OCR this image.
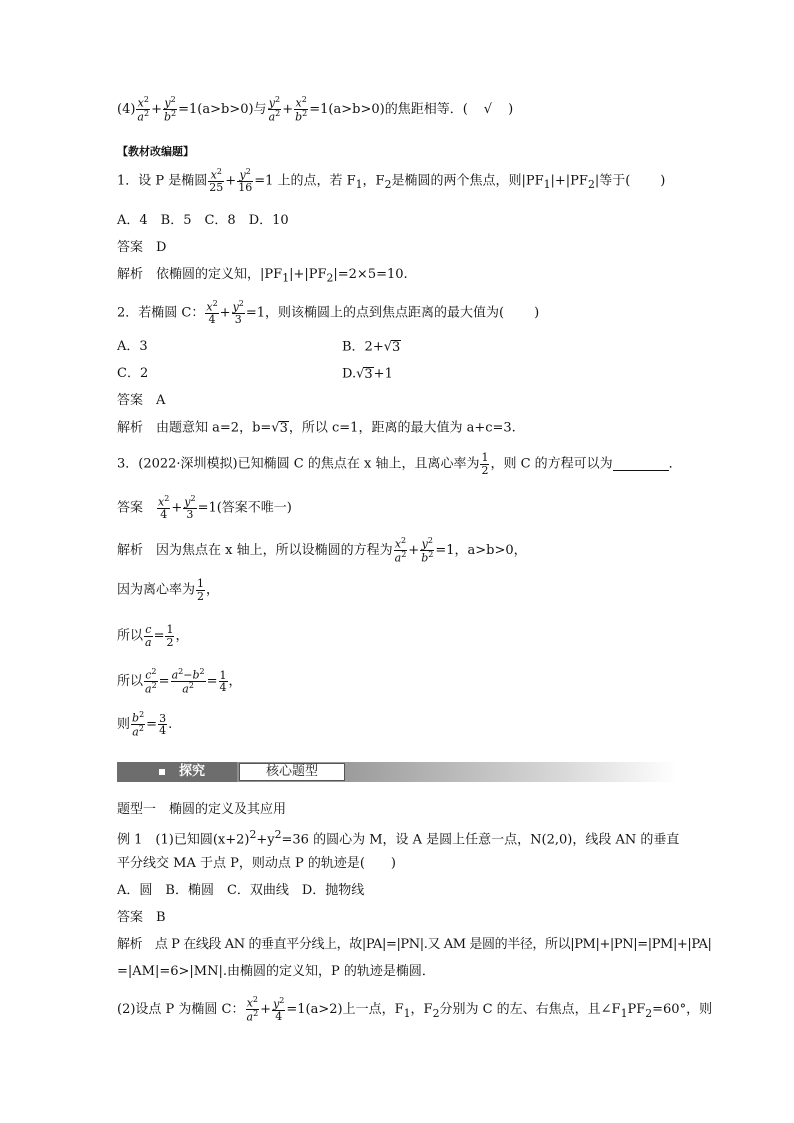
$(4) \frac{x^2}{a^2} + \frac{y^2}{b^2} =1(a>b>0)$与 $\frac{y^2}{a^2} + \frac{x^2}{b^2} =1(a>b>0)$的焦距相等．( √ )
【教材改编题】
1．设 P 是椭圆 $\frac{x^2}{25} + \frac{y^2}{16} =1$ 上的点，若 $F_1$，$F_2$是椭圆的两个焦点，则$|PF_1|+|PF_2|$等于( )
A．4　B．5　C．8　D．10
答案　 D
解析　 依椭圆的定义知，$|PF_1|+|PF_2|=2\times 5=10$.
2．若椭圆 C： $\frac{x^2}{4} + \frac{y^2}{3} =1$，则该椭圆上的点到焦点距离的最大值为( )
A．3	B．2+√3
C．2	D.√3+1
答案　 A
解析　 由题意知 a=2，b=√3，所以 c=1，距离的最大值为 a+c=3.
3．(2022·深圳模拟)已知椭圆 C 的焦点在 x 轴上，且离心率为 $\frac{1}{2}$ ，则 C 的方程可以为	．
答案　 $\frac{x^2}{4} + \frac{y^2}{3} =1$(答案不唯一)
解析　 因为焦点在 x 轴上，所以设椭圆的方程为 $\frac{x^2}{a^2} + \frac{y^2}{b^2} =1$，a>b>0，
因为离心率为 $\frac{1}{2}$ ，
所以 $\frac{c}{a} = \frac{1}{2}$ ，
所以 $\frac{c^2}{a^2} = \frac{a^2-b^2}{a^2} = \frac{1}{4}$ ，
则 $\frac{b^2}{a^2} = \frac{3}{4}$ .
探究	核心题型
题型一　椭圆的定义及其应用
例 1　(1)已知圆$(x+2)^2+y^2=36$ 的圆心为 M，设 A 是圆上任意一点，N(2,0)，线段 AN 的垂直
平分线交 MA 于点 P，则动点 P 的轨迹是(　　)
A．圆　B．椭圆　C．双曲线　D．抛物线
答案　 B
解析　 点 P 在线段 AN 的垂直平分线上，故|PA|=|PN|.又 AM 是圆的半径，所以|PM|+|PN|=|PM|+|PA|
=|AM|=6>|MN|.由椭圆的定义知，P 的轨迹是椭圆．
(2)设点 P 为椭圆 C： $\frac{x^2}{a^2} + \frac{y^2}{4} =1(a>2)$上一点，$F_1$，$F_2$分别为 C 的左、右焦点，且$\angle F_1PF_2=60^\circ$，则
